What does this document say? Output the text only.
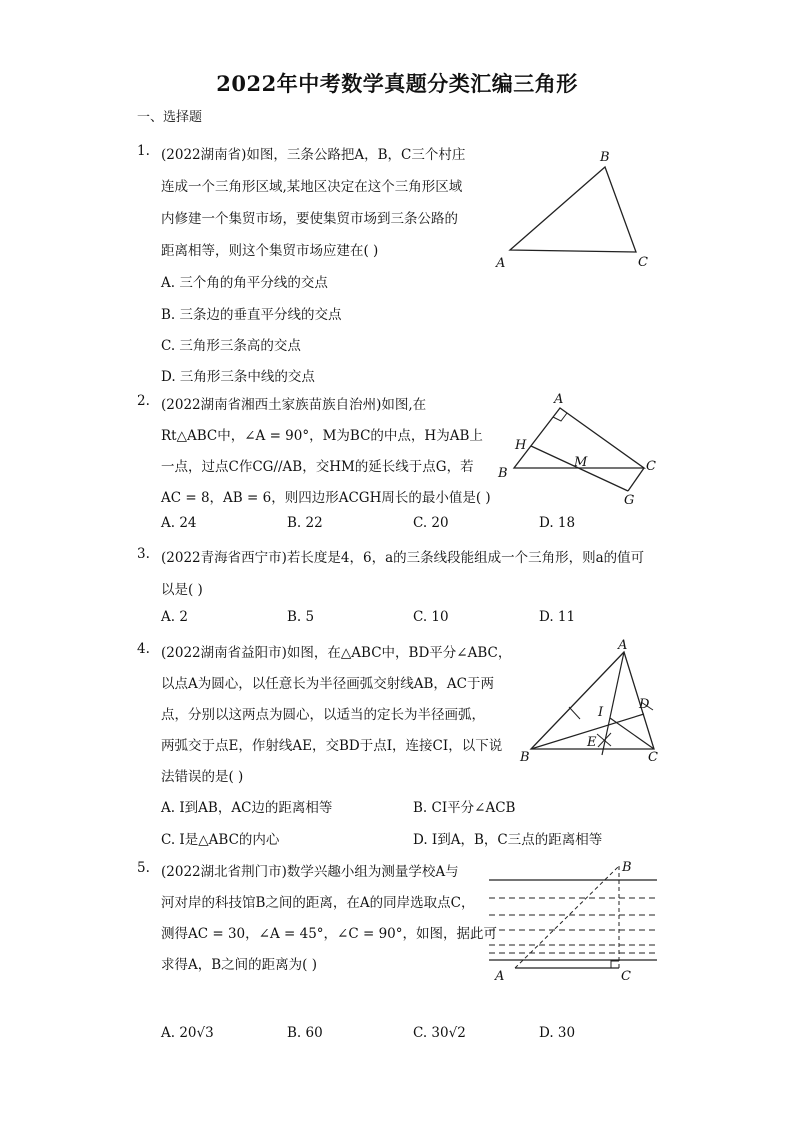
2022年中考数学真题分类汇编三角形
一、选择题
1. (2022湖南省)如图，三条公路把A，B，C三个村庄
连成一个三角形区域,某地区决定在这个三角形区域
内修建一个集贸市场，要使集贸市场到三条公路的
距离相等，则这个集贸市场应建在( )
A. 三个角的角平分线的交点
B. 三条边的垂直平分线的交点
C. 三角形三条高的交点
D. 三角形三条中线的交点
B
A	C
2. (2022湖南省湘西土家族苗族自治州)如图,在
Rt△ABC中，∠A = 90°，M为BC的中点，H为AB上
一点，过点C作CG//AB，交HM的延长线于点G，若
AC = 8，AB = 6，则四边形ACGH周长的最小值是( )
A. 24	B. 22	C. 20	D. 18
A
H
B
M	C
G
3. (2022青海省西宁市)若长度是4，6，a的三条线段能组成一个三角形，则a的值可
以是( )
A. 2	B. 5	C. 10	D. 11
4. (2022湖南省益阳市)如图，在△ABC中，BD平分∠ABC，
以点A为圆心，以任意长为半径画弧交射线AB，AC于两
点，分别以这两点为圆心，以适当的定长为半径画弧，
两弧交于点E，作射线AE，交BD于点I，连接CI，以下说
法错误的是( )
A. I到AB，AC边的距离相等	B. CI平分∠ACB
C. I是△ABC的内心	D. I到A，B，C三点的距离相等
A
D
I
E
B	C
5. (2022湖北省荆门市)数学兴趣小组为测量学校A与
河对岸的科技馆B之间的距离，在A的同岸选取点C，
测得AC = 30，∠A = 45°，∠C = 90°，如图，据此可
求得A，B之间的距离为( )
A. 20√3	B. 60	C. 30√2	D. 30
B
A	C
